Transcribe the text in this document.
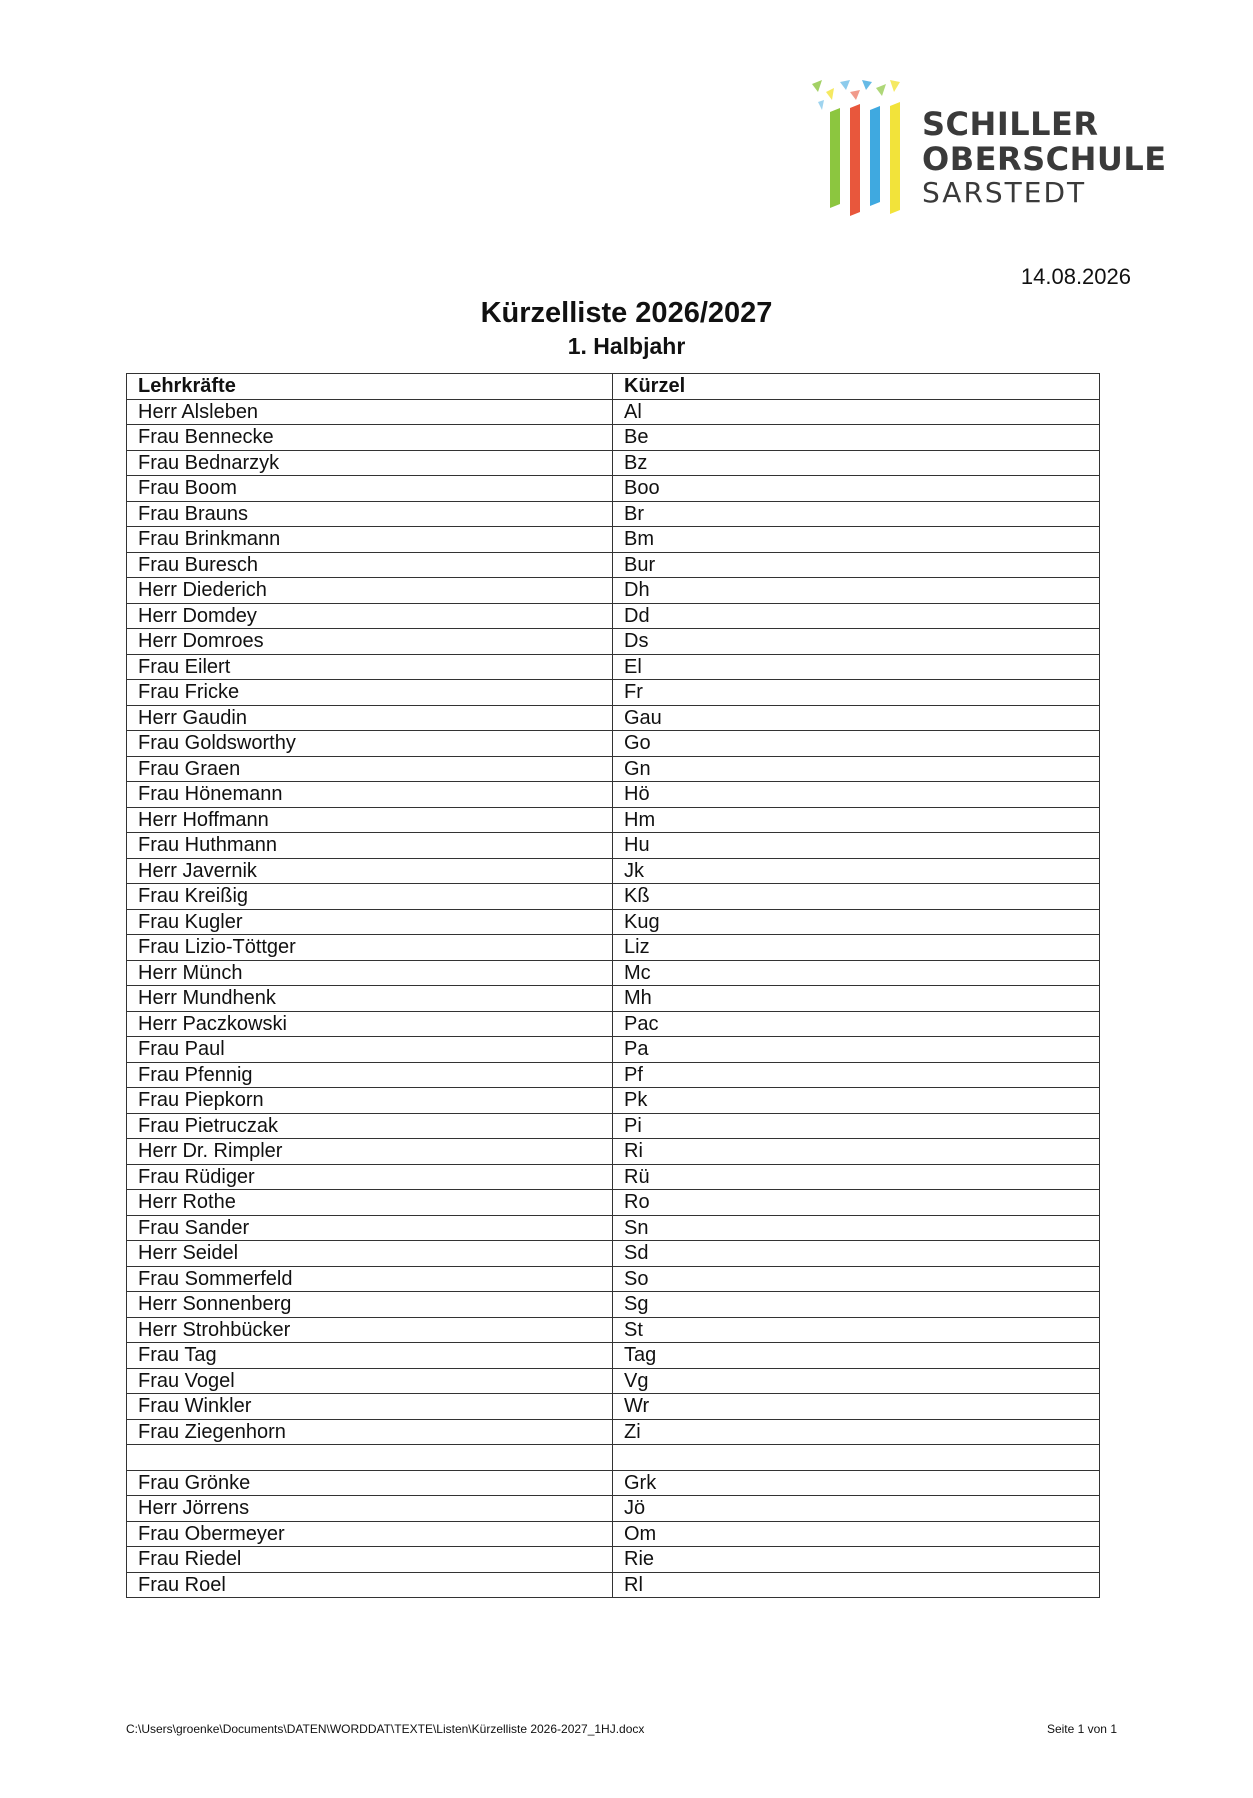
SCHILLER
OBERSCHULE
SARSTEDT
14.08.2026
Kürzelliste 2026/2027
1. Halbjahr
Lehrkräfte	Kürzel
Herr Alsleben	Al
Frau Bennecke	Be
Frau Bednarzyk	Bz
Frau Boom	Boo
Frau Brauns	Br
Frau Brinkmann	Bm
Frau Buresch	Bur
Herr Diederich	Dh
Herr Domdey	Dd
Herr Domroes	Ds
Frau Eilert	El
Frau Fricke	Fr
Herr Gaudin	Gau
Frau Goldsworthy	Go
Frau Graen	Gn
Frau Hönemann	Hö
Herr Hoffmann	Hm
Frau Huthmann	Hu
Herr Javernik	Jk
Frau Kreißig	Kß
Frau Kugler	Kug
Frau Lizio-Töttger	Liz
Herr Münch	Mc
Herr Mundhenk	Mh
Herr Paczkowski	Pac
Frau Paul	Pa
Frau Pfennig	Pf
Frau Piepkorn	Pk
Frau Pietruczak	Pi
Herr Dr. Rimpler	Ri
Frau Rüdiger	Rü
Herr Rothe	Ro
Frau Sander	Sn
Herr Seidel	Sd
Frau Sommerfeld	So
Herr Sonnenberg	Sg
Herr Strohbücker	St
Frau Tag	Tag
Frau Vogel	Vg
Frau Winkler	Wr
Frau Ziegenhorn	Zi

Frau Grönke	Grk
Herr Jörrens	Jö
Frau Obermeyer	Om
Frau Riedel	Rie
Frau Roel	Rl
C:\Users\groenke\Documents\DATEN\WORDDAT\TEXTE\Listen\Kürzelliste 2026-2027_1HJ.docx	Seite 1 von 1
